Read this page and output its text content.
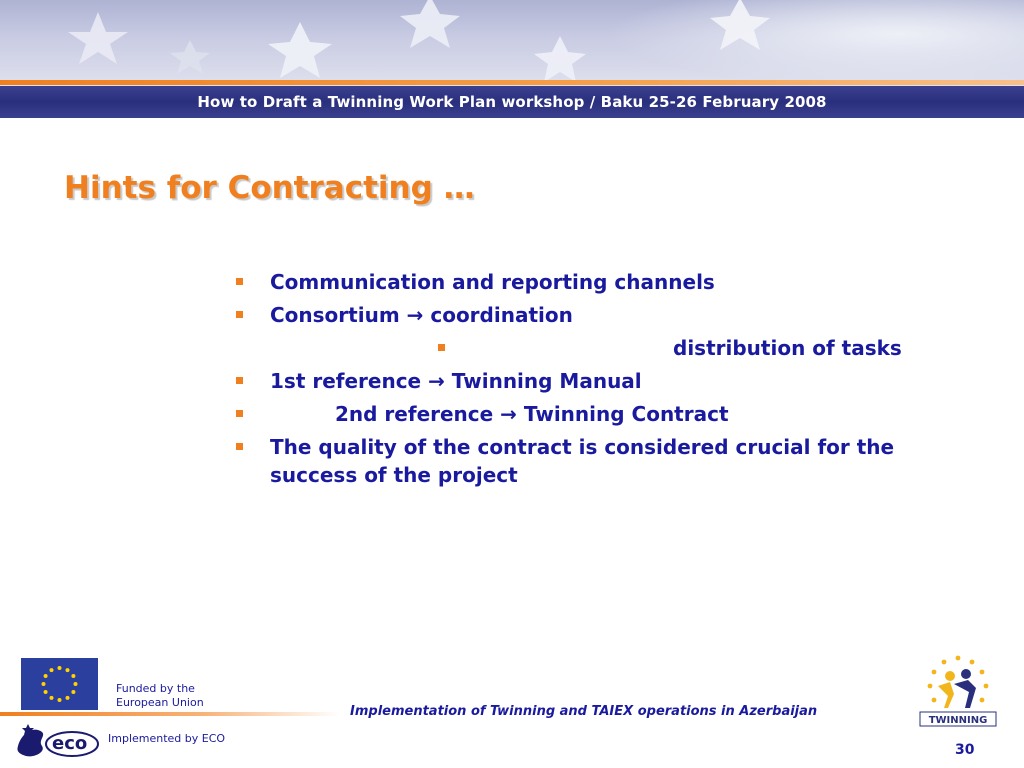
How to Draft a Twinning Work Plan workshop / Baku 25-26 February 2008
Hints for Contracting …
Communication and reporting channels
Consortium → coordination
distribution of tasks
1st reference → Twinning Manual
2nd reference → Twinning Contract
The quality of the contract is considered crucial for the success of the project
Funded by the
European Union
Implementation of Twinning and TAIEX operations in Azerbaijan
eco Implemented by ECO
TWINNING
30
